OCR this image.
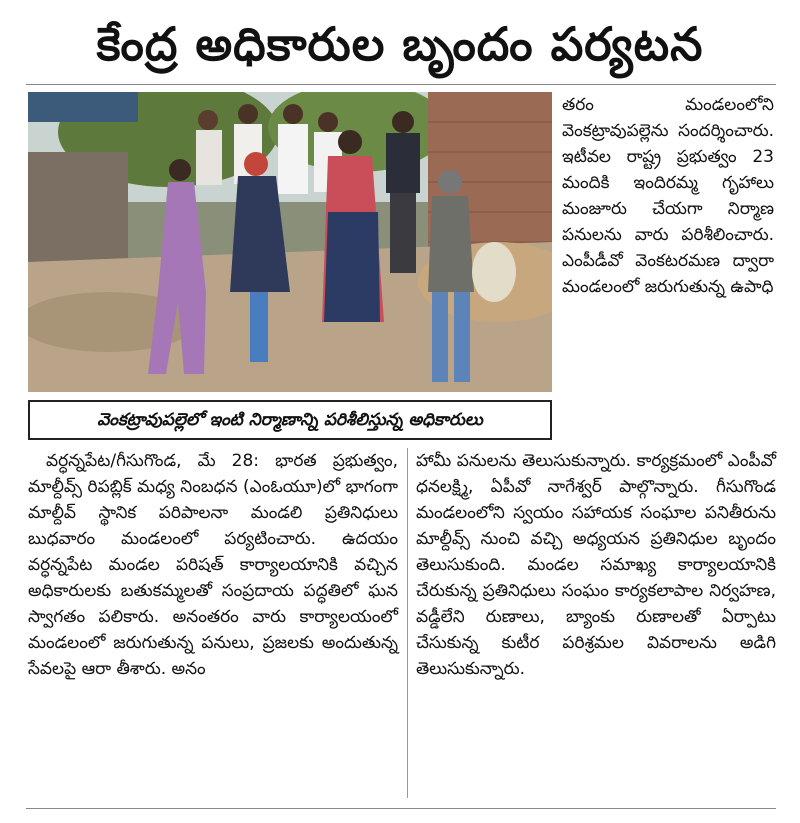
కేంద్ర అధికారుల బృందం పర్యటన
వెంకట్రావుపల్లెలో ఇంటి నిర్మాణాన్ని పరిశీలిస్తున్న అధికారులు

తరం మండలంలోని వెంకట్రావుపల్లెను సందర్శించారు. ఇటీవల రాష్ట్ర ప్రభుత్వం 23 మందికి ఇందిరమ్మ గృహాలు మంజూరు చేయగా నిర్మాణ పనులను వారు పరిశీలించారు. ఎంపీడీవో వెంకటరమణ ద్వారా మండలంలో జరుగుతున్న ఉపాధి

వర్ధన్నపేట/గీసుగొండ, మే 28: భారత ప్రభుత్వం, మాల్దీవ్స్ రిపబ్లిక్ మధ్య నింబధన (ఎంఓయూ)లో భాగంగా మాల్దీవ్ స్థానిక పరిపాలనా మండలి ప్రతినిధులు బుధవారం మండలంలో పర్యటించారు. ఉదయం వర్ధన్నపేట మండల పరిషత్ కార్యాలయానికి వచ్చిన అధికారులకు బతుకమ్మలతో సంప్రదాయ పద్ధతిలో ఘన స్వాగతం పలికారు. అనంతరం వారు కార్యాలయంలో మండలంలో జరుగుతున్న పనులు, ప్రజలకు అందుతున్న సేవలపై ఆరా తీశారు. అనం

హామీ పనులను తెలుసుకున్నారు. కార్యక్రమంలో ఎంపీవో ధనలక్ష్మి, ఏపీవో నాగేశ్వర్ పాల్గొన్నారు. గీసుగొండ మండలంలోని స్వయం సహాయక సంఘాల పనితీరును మాల్దీవ్స్ నుంచి వచ్చి అధ్యయన ప్రతినిధుల బృందం తెలుసుకుంది. మండల సమాఖ్య కార్యాలయానికి చేరుకున్న ప్రతినిధులు సంఘం కార్యకలాపాల నిర్వహణ, వడ్డీలేని రుణాలు, బ్యాంకు రుణాలతో ఏర్పాటు చేసుకున్న కుటీర పరిశ్రమల వివరాలను అడిగి తెలుసుకున్నారు.
